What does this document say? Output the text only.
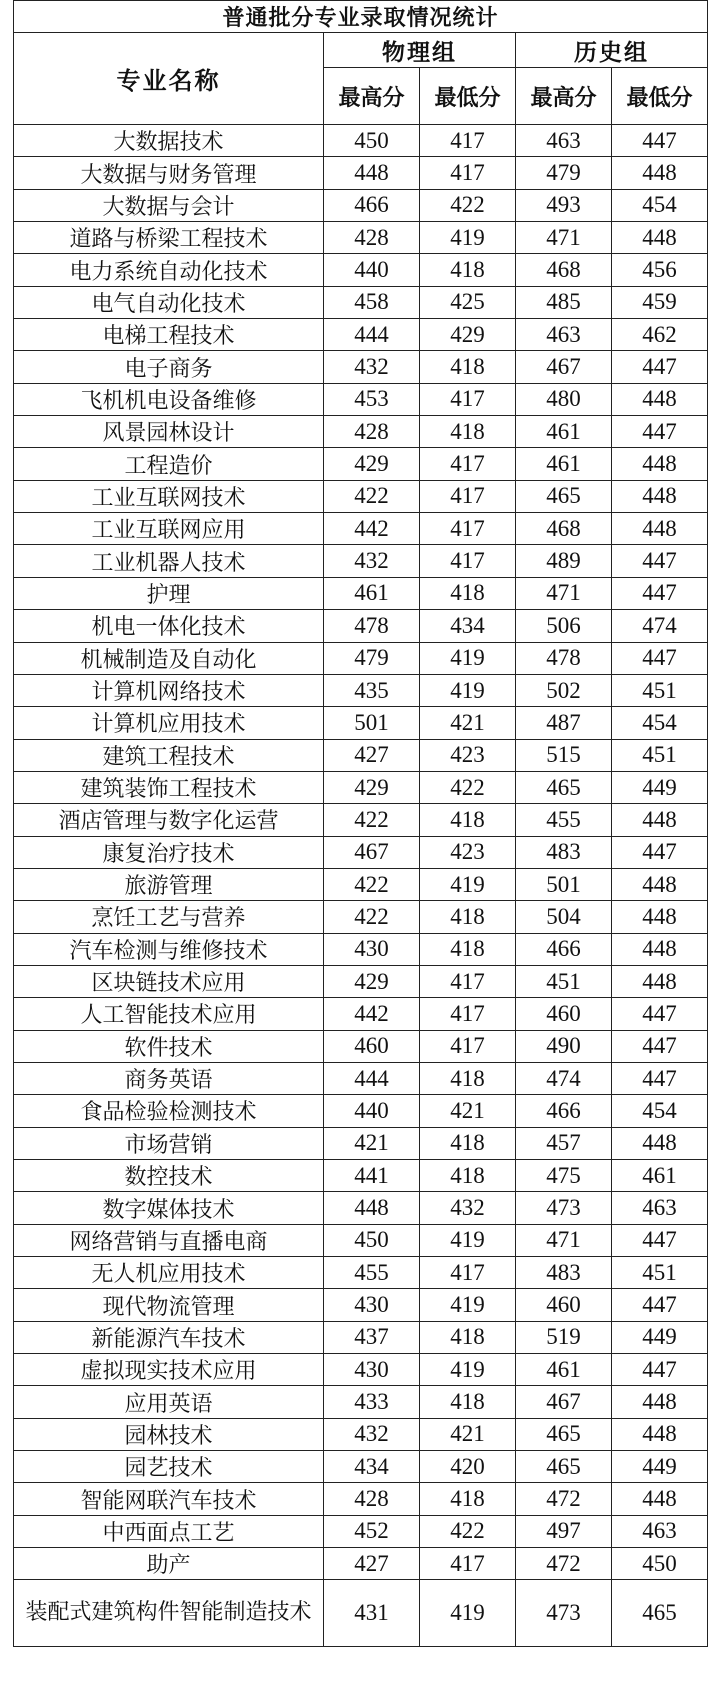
普通批分专业录取情况统计				
专业名称	物理组		历史组	
	最高分	最低分	最高分	最低分
大数据技术	450	417	463	447
大数据与财务管理	448	417	479	448
大数据与会计	466	422	493	454
道路与桥梁工程技术	428	419	471	448
电力系统自动化技术	440	418	468	456
电气自动化技术	458	425	485	459
电梯工程技术	444	429	463	462
电子商务	432	418	467	447
飞机机电设备维修	453	417	480	448
风景园林设计	428	418	461	447
工程造价	429	417	461	448
工业互联网技术	422	417	465	448
工业互联网应用	442	417	468	448
工业机器人技术	432	417	489	447
护理	461	418	471	447
机电一体化技术	478	434	506	474
机械制造及自动化	479	419	478	447
计算机网络技术	435	419	502	451
计算机应用技术	501	421	487	454
建筑工程技术	427	423	515	451
建筑装饰工程技术	429	422	465	449
酒店管理与数字化运营	422	418	455	448
康复治疗技术	467	423	483	447
旅游管理	422	419	501	448
烹饪工艺与营养	422	418	504	448
汽车检测与维修技术	430	418	466	448
区块链技术应用	429	417	451	448
人工智能技术应用	442	417	460	447
软件技术	460	417	490	447
商务英语	444	418	474	447
食品检验检测技术	440	421	466	454
市场营销	421	418	457	448
数控技术	441	418	475	461
数字媒体技术	448	432	473	463
网络营销与直播电商	450	419	471	447
无人机应用技术	455	417	483	451
现代物流管理	430	419	460	447
新能源汽车技术	437	418	519	449
虚拟现实技术应用	430	419	461	447
应用英语	433	418	467	448
园林技术	432	421	465	448
园艺技术	434	420	465	449
智能网联汽车技术	428	418	472	448
中西面点工艺	452	422	497	463
助产	427	417	472	450
装配式建筑构件智能制造技术	431	419	473	465
